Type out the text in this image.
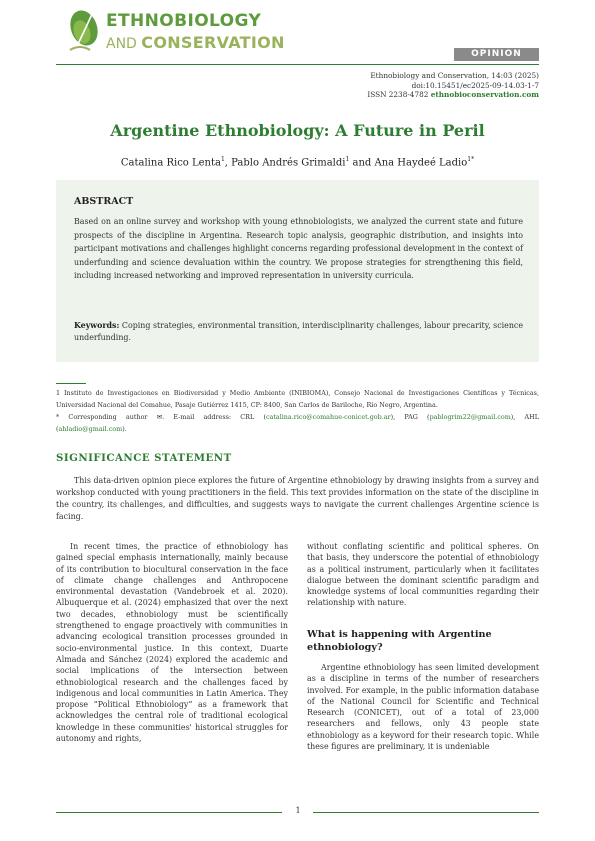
ETHNOBIOLOGY
AND CONSERVATION
OPINION
Ethnobiology and Conservation, 14:03 (2025)
doi:10.15451/ec2025-09-14.03-1-7
ISSN 2238-4782 ethnobioconservation.com
Argentine Ethnobiology: A Future in Peril
Catalina Rico Lenta$^1$, Pablo Andrés Grimaldi$^1$ and Ana Haydeé Ladio$^{1*}$
ABSTRACT
Based on an online survey and workshop with young ethnobiologists, we analyzed the current state and future prospects of the discipline in Argentina. Research topic analysis, geographic distribution, and insights into participant motivations and challenges highlight concerns regarding professional development in the context of underfunding and science devaluation within the country. We propose strategies for strengthening this field, including increased networking and improved representation in university curricula.
Keywords: Coping strategies, environmental transition, interdisciplinarity challenges, labour precarity, science underfunding.
1 Instituto de Investigaciones en Biodiversidad y Medio Ambiente (INIBIOMA), Consejo Nacional de Investigaciones Científicas y Técnicas, Universidad Nacional del Comahue, Pasaje Gutiérrez 1415, CP: 8400, San Carlos de Bariloche, Río Negro, Argentina.
* Corresponding author ✉. E-mail address: CRL (catalina.rico@comahue-conicet.gob.ar), PAG (pablogrim22@gmail.com), AHL (ahladio@gmail.com).
SIGNIFICANCE STATEMENT
This data-driven opinion piece explores the future of Argentine ethnobiology by drawing insights from a survey and workshop conducted with young practitioners in the field. This text provides information on the state of the discipline in the country, its challenges, and difficulties, and suggests ways to navigate the current challenges Argentine science is facing.
In recent times, the practice of ethnobiology has gained special emphasis internationally, mainly because of its contribution to biocultural conservation in the face of climate change challenges and Anthropocene environmental devastation (Vandebroek et al. 2020). Albuquerque et al. (2024) emphasized that over the next two decades, ethnobiology must be scientifically strengthened to engage proactively with communities in advancing ecological transition processes grounded in socio-environmental justice. In this context, Duarte Almada and Sánchez (2024) explored the academic and social implications of the intersection between ethnobiological research and the challenges faced by indigenous and local communities in Latin America. They propose “Political Ethnobiology” as a framework that acknowledges the central role of traditional ecological knowledge in these communities' historical struggles for autonomy and rights,
without conflating scientific and political spheres. On that basis, they underscore the potential of ethnobiology as a political instrument, particularly when it facilitates dialogue between the dominant scientific paradigm and knowledge systems of local communities regarding their relationship with nature.
What is happening with Argentine ethnobiology?
Argentine ethnobiology has seen limited development as a discipline in terms of the number of researchers involved. For example, in the public information database of the National Council for Scientific and Technical Research (CONICET), out of a total of 23,000 researchers and fellows, only 43 people state ethnobiology as a keyword for their research topic. While these figures are preliminary, it is undeniable
1
